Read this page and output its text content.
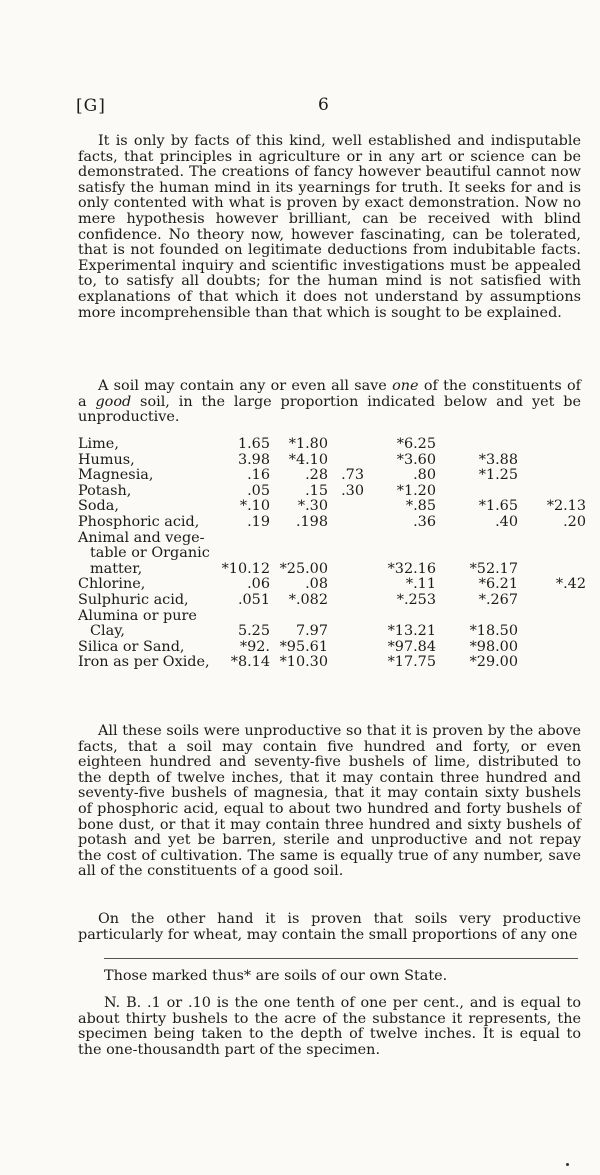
[G]	6

It is only by facts of this kind, well established and indisputable facts, that principles in agriculture or in any art or science can be demonstrated. The creations of fancy however beautiful cannot now satisfy the human mind in its yearnings for truth. It seeks for and is only contented with what is proven by exact demonstration. Now no mere hypothesis however brilliant, can be received with blind confidence. No theory now, however fascinating, can be tolerated, that is not founded on legitimate deductions from indubitable facts. Experimental inquiry and scientific investigations must be appealed to, to satisfy all doubts; for the human mind is not satisfied with explanations of that which it does not understand by assumptions more incomprehensible than that which is sought to be explained.

A soil may contain any or even all save one of the constituents of a good soil, in the large proportion indicated below and yet be unproductive.

Lime,	1.65	*1.80		*6.25		
Humus,	3.98	*4.10		*3.60	*3.88	
Magnesia,	.16	.28	.73	.80	*1.25	
Potash,	.05	.15	.30	*1.20		
Soda,	*.10	*.30		*.85	*1.65	*2.13
Phosphoric acid,	.19	.198		.36	.40	.20
Animal and vege-						
table or Organic						
matter,	*10.12	*25.00		*32.16	*52.17	
Chlorine,	.06	.08		*.11	*6.21	*.42
Sulphuric acid,	.051	*.082		*.253	*.267	
Alumina or pure						
Clay,	5.25	7.97		*13.21	*18.50	
Silica or Sand,	*92.	*95.61		*97.84	*98.00	
Iron as per Oxide,	*8.14	*10.30		*17.75	*29.00	

All these soils were unproductive so that it is proven by the above facts, that a soil may contain five hundred and forty, or even eighteen hundred and seventy-five bushels of lime, distributed to the depth of twelve inches, that it may contain three hundred and seventy-five bushels of magnesia, that it may contain sixty bushels of phosphoric acid, equal to about two hundred and forty bushels of bone dust, or that it may contain three hundred and sixty bushels of potash and yet be barren, sterile and unproductive and not repay the cost of cultivation. The same is equally true of any number, save all of the constituents of a good soil.

On the other hand it is proven that soils very productive particularly for wheat, may contain the small proportions of any one

Those marked thus* are soils of our own State.

N. B. .1 or .10 is the one tenth of one per cent., and is equal to about thirty bushels to the acre of the substance it represents, the specimen being taken to the depth of twelve inches. It is equal to the one-thousandth part of the specimen.
